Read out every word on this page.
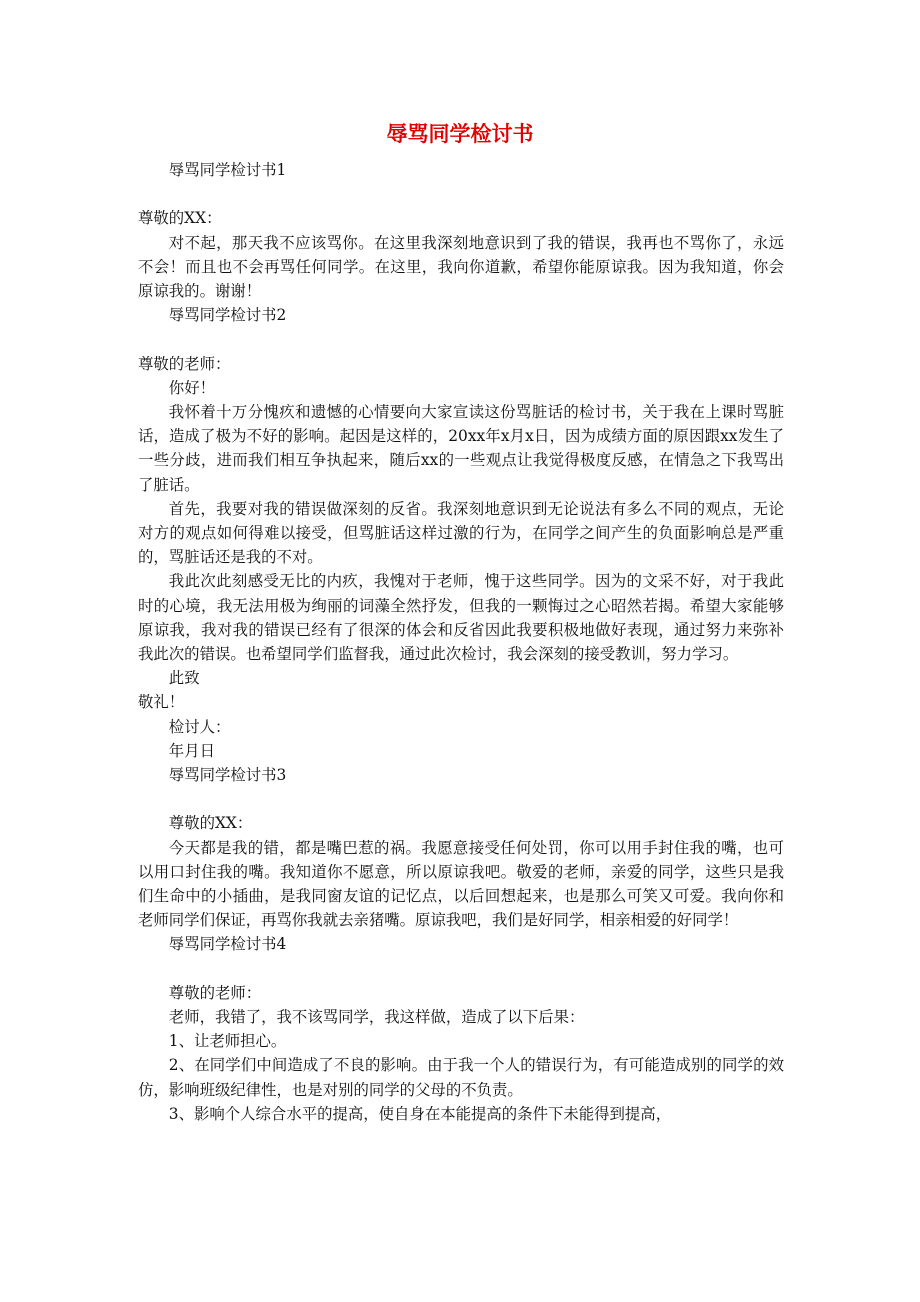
辱骂同学检讨书

辱骂同学检讨书1

尊敬的XX：

对不起，那天我不应该骂你。在这里我深刻地意识到了我的错误，我再也不骂你了，永远不会！而且也不会再骂任何同学。在这里，我向你道歉，希望你能原谅我。因为我知道，你会原谅我的。谢谢！

辱骂同学检讨书2

尊敬的老师：

你好！

我怀着十万分愧疚和遗憾的心情要向大家宣读这份骂脏话的检讨书，关于我在上课时骂脏话，造成了极为不好的影响。起因是这样的，20xx年x月x日，因为成绩方面的原因跟xx发生了一些分歧，进而我们相互争执起来，随后xx的一些观点让我觉得极度反感，在情急之下我骂出了脏话。

首先，我要对我的错误做深刻的反省。我深刻地意识到无论说法有多么不同的观点，无论对方的观点如何得难以接受，但骂脏话这样过激的行为，在同学之间产生的负面影响总是严重的，骂脏话还是我的不对。

我此次此刻感受无比的内疚，我愧对于老师，愧于这些同学。因为的文采不好，对于我此时的心境，我无法用极为绚丽的词藻全然抒发，但我的一颗悔过之心昭然若揭。希望大家能够原谅我，我对我的错误已经有了很深的体会和反省因此我要积极地做好表现，通过努力来弥补我此次的错误。也希望同学们监督我，通过此次检讨，我会深刻的接受教训，努力学习。

此致

敬礼！

检讨人：

年月日

辱骂同学检讨书3

尊敬的XX：

今天都是我的错，都是嘴巴惹的祸。我愿意接受任何处罚，你可以用手封住我的嘴，也可以用口封住我的嘴。我知道你不愿意，所以原谅我吧。敬爱的老师，亲爱的同学，这些只是我们生命中的小插曲，是我同窗友谊的记忆点，以后回想起来，也是那么可笑又可爱。我向你和老师同学们保证，再骂你我就去亲猪嘴。原谅我吧，我们是好同学，相亲相爱的好同学！

辱骂同学检讨书4

尊敬的老师：

老师，我错了，我不该骂同学，我这样做，造成了以下后果：

1、让老师担心。

2、在同学们中间造成了不良的影响。由于我一个人的错误行为，有可能造成别的同学的效仿，影响班级纪律性，也是对别的同学的父母的不负责。

3、影响个人综合水平的提高，使自身在本能提高的条件下未能得到提高，
